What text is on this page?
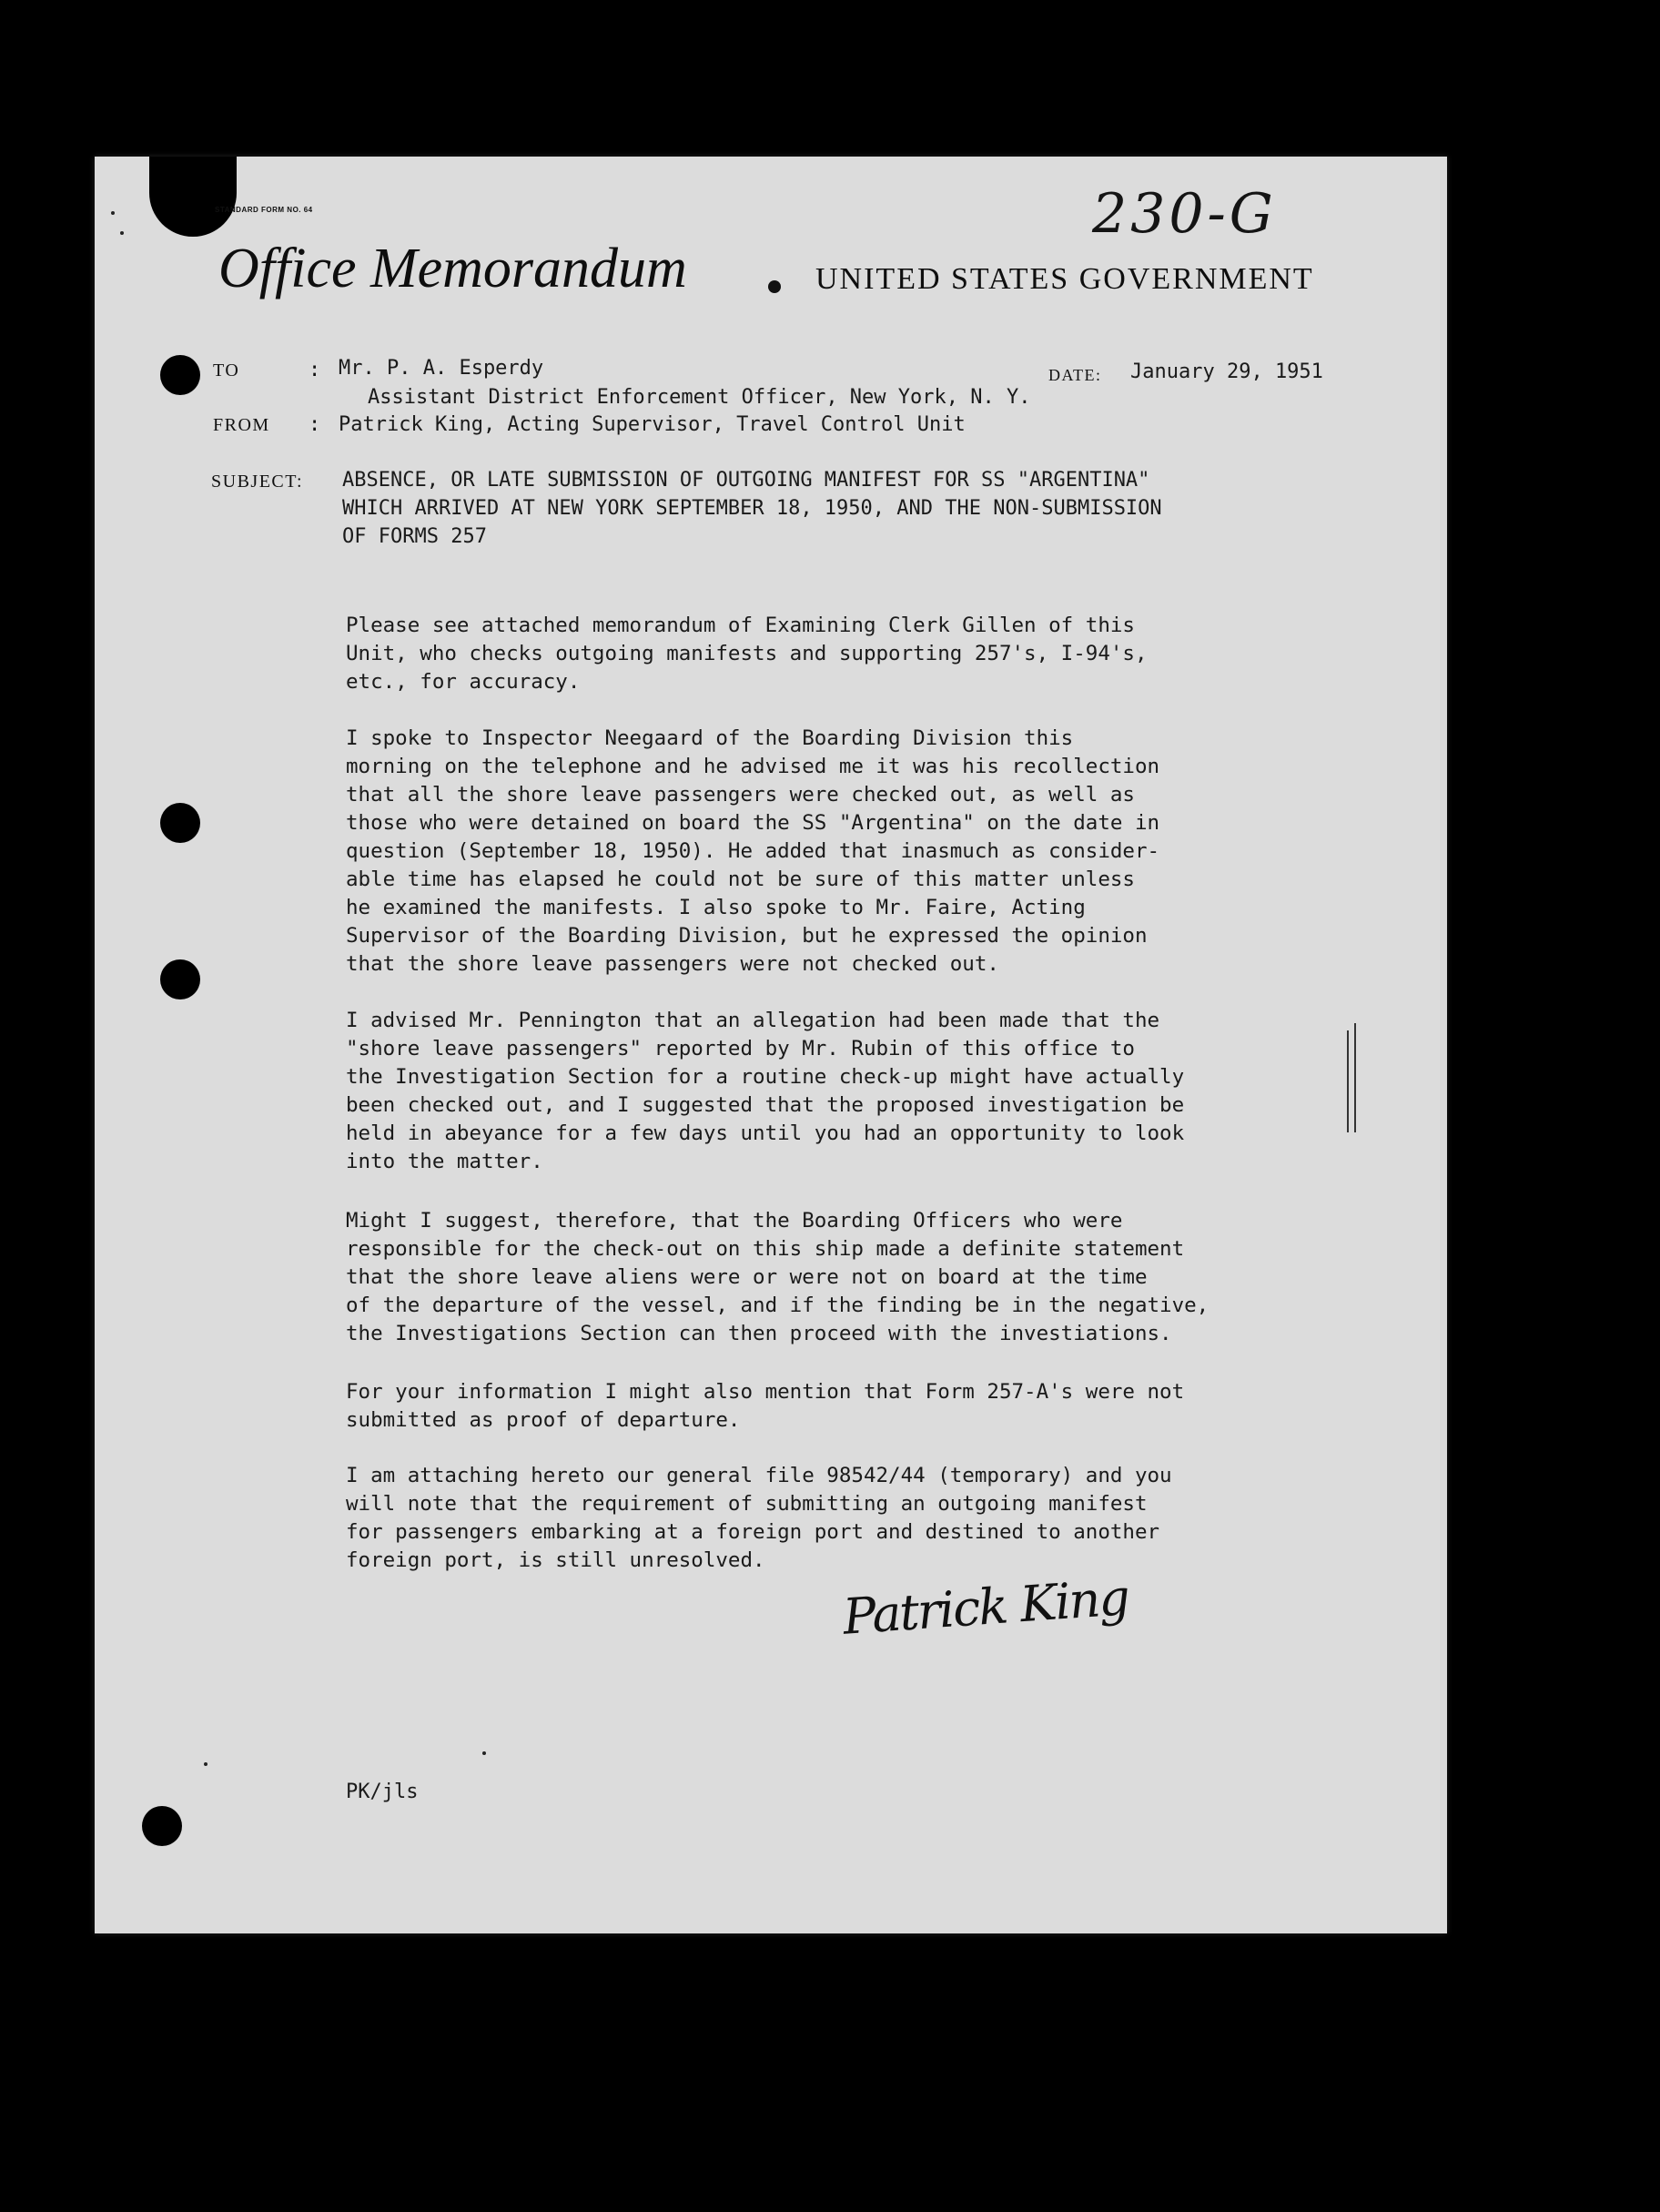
STANDARD FORM NO. 64	230-G
Office Memorandum	UNITED STATES GOVERNMENT
TO	: Mr. P. A. Esperdy	DATE: January 29, 1951
Assistant District Enforcement Officer, New York, N. Y.
FROM : Patrick King, Acting Supervisor, Travel Control Unit
SUBJECT: ABSENCE, OR LATE SUBMISSION OF OUTGOING MANIFEST FOR SS "ARGENTINA"
WHICH ARRIVED AT NEW YORK SEPTEMBER 18, 1950, AND THE NON-SUBMISSION
OF FORMS 257

Please see attached memorandum of Examining Clerk Gillen of this
Unit, who checks outgoing manifests and supporting 257's, I-94's,
etc., for accuracy.

I spoke to Inspector Neegaard of the Boarding Division this
morning on the telephone and he advised me it was his recollection
that all the shore leave passengers were checked out, as well as
those who were detained on board the SS "Argentina" on the date in
question (September 18, 1950). He added that inasmuch as consider-
able time has elapsed he could not be sure of this matter unless
he examined the manifests. I also spoke to Mr. Faire, Acting
Supervisor of the Boarding Division, but he expressed the opinion
that the shore leave passengers were not checked out.

I advised Mr. Pennington that an allegation had been made that the
"shore leave passengers" reported by Mr. Rubin of this office to
the Investigation Section for a routine check-up might have actually
been checked out, and I suggested that the proposed investigation be
held in abeyance for a few days until you had an opportunity to look
into the matter.

Might I suggest, therefore, that the Boarding Officers who were
responsible for the check-out on this ship made a definite statement
that the shore leave aliens were or were not on board at the time
of the departure of the vessel, and if the finding be in the negative,
the Investigations Section can then proceed with the investiations.

For your information I might also mention that Form 257-A's were not
submitted as proof of departure.

I am attaching hereto our general file 98542/44 (temporary) and you
will note that the requirement of submitting an outgoing manifest
for passengers embarking at a foreign port and destined to another
foreign port, is still unresolved.

Patrick King
PK/jls
